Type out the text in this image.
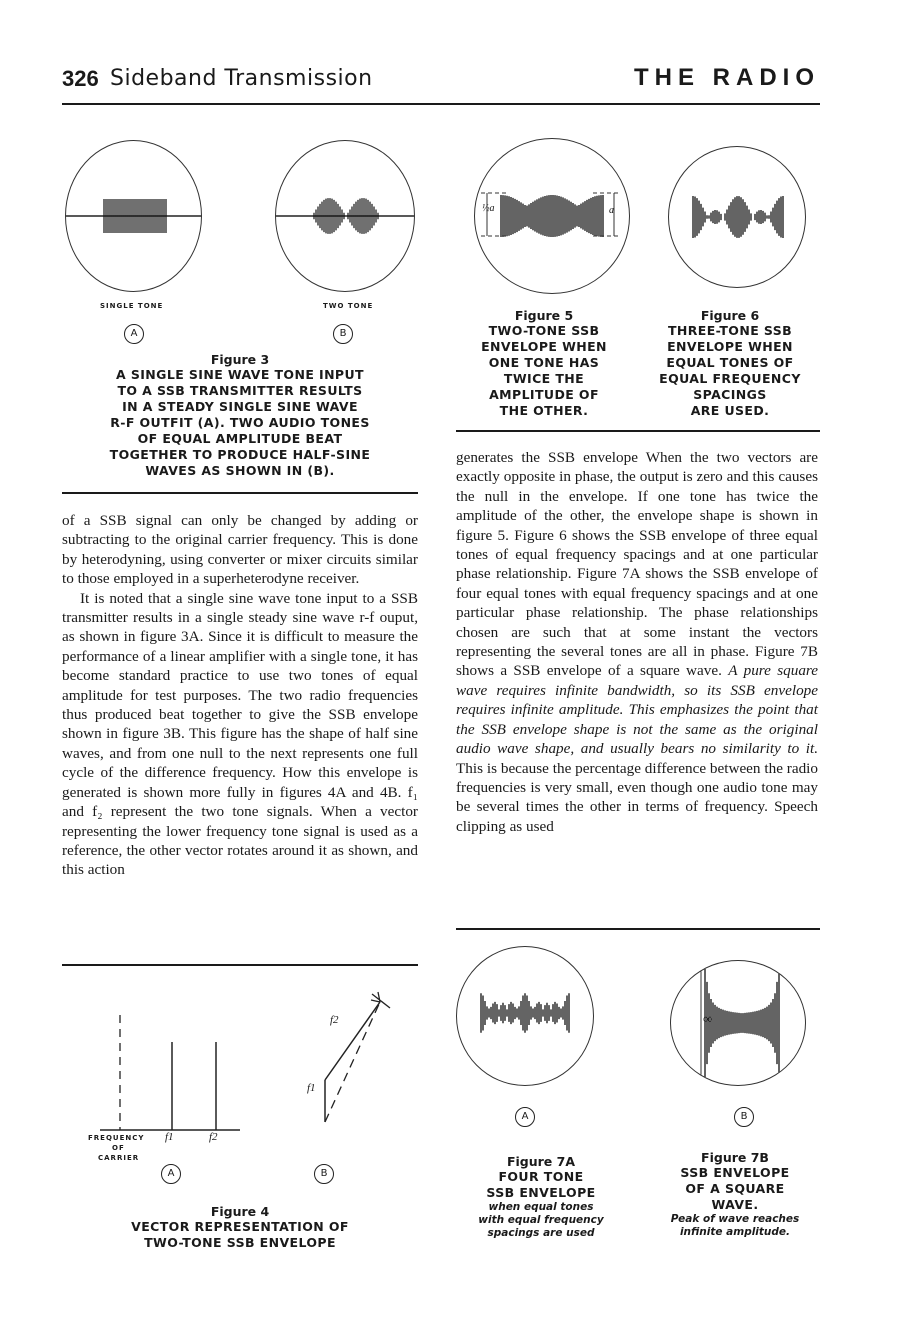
326 Sideband Transmission	THE RADIO
SINGLE TONE	TWO TONE
A	B
Figure 3
A SINGLE SINE WAVE TONE INPUT
TO A SSB TRANSMITTER RESULTS
IN A STEADY SINGLE SINE WAVE
R-F OUTFIT (A). TWO AUDIO TONES
OF EQUAL AMPLITUDE BEAT
TOGETHER TO PRODUCE HALF-SINE
WAVES AS SHOWN IN (B).
½a	a
Figure 5
TWO-TONE SSB
ENVELOPE WHEN
ONE TONE HAS
TWICE THE
AMPLITUDE OF
THE OTHER.
Figure 6
THREE-TONE SSB
ENVELOPE WHEN
EQUAL TONES OF
EQUAL FREQUENCY
SPACINGS
ARE USED.

of a SSB signal can only be changed by adding or subtracting to the original carrier frequency. This is done by heterodyning, using converter or mixer circuits similar to those employed in a superheterodyne receiver.

It is noted that a single sine wave tone input to a SSB transmitter results in a single steady sine wave r-f ouput, as shown in figure 3A. Since it is difficult to measure the performance of a linear amplifier with a single tone, it has become standard practice to use two tones of equal amplitude for test purposes. The two radio frequencies thus produced beat together to give the SSB envelope shown in figure 3B. This figure has the shape of half sine waves, and from one null to the next represents one full cycle of the difference frequency. How this envelope is generated is shown more fully in figures 4A and 4B. f₁ and f₂ represent the two tone signals. When a vector representing the lower frequency tone signal is used as a reference, the other vector rotates around it as shown, and this action

generates the SSB envelope When the two vectors are exactly opposite in phase, the output is zero and this causes the null in the envelope. If one tone has twice the amplitude of the other, the envelope shape is shown in figure 5. Figure 6 shows the SSB envelope of three equal tones of equal frequency spacings and at one particular phase relationship. Figure 7A shows the SSB envelope of four equal tones with equal frequency spacings and at one particular phase relationship. The phase relationships chosen are such that at some instant the vectors representing the several tones are all in phase. Figure 7B shows a SSB envelope of a square wave. A pure square wave requires infinite bandwidth, so its SSB envelope requires infinite amplitude. This emphasizes the point that the SSB envelope shape is not the same as the original audio wave shape, and usually bears no similarity to it. This is because the percentage difference between the radio frequencies is very small, even though one audio tone may be several times the other in terms of frequency. Speech clipping as used

f2
f1
FREQUENCY
OF
CARRIER
f1	f2
A	B
Figure 4
VECTOR REPRESENTATION OF
TWO-TONE SSB ENVELOPE
A
Figure 7A
FOUR TONE
SSB ENVELOPE
when equal tones
with equal frequency
spacings are used
∞
B
Figure 7B
SSB ENVELOPE
OF A SQUARE
WAVE.
Peak of wave reaches
infinite amplitude.
